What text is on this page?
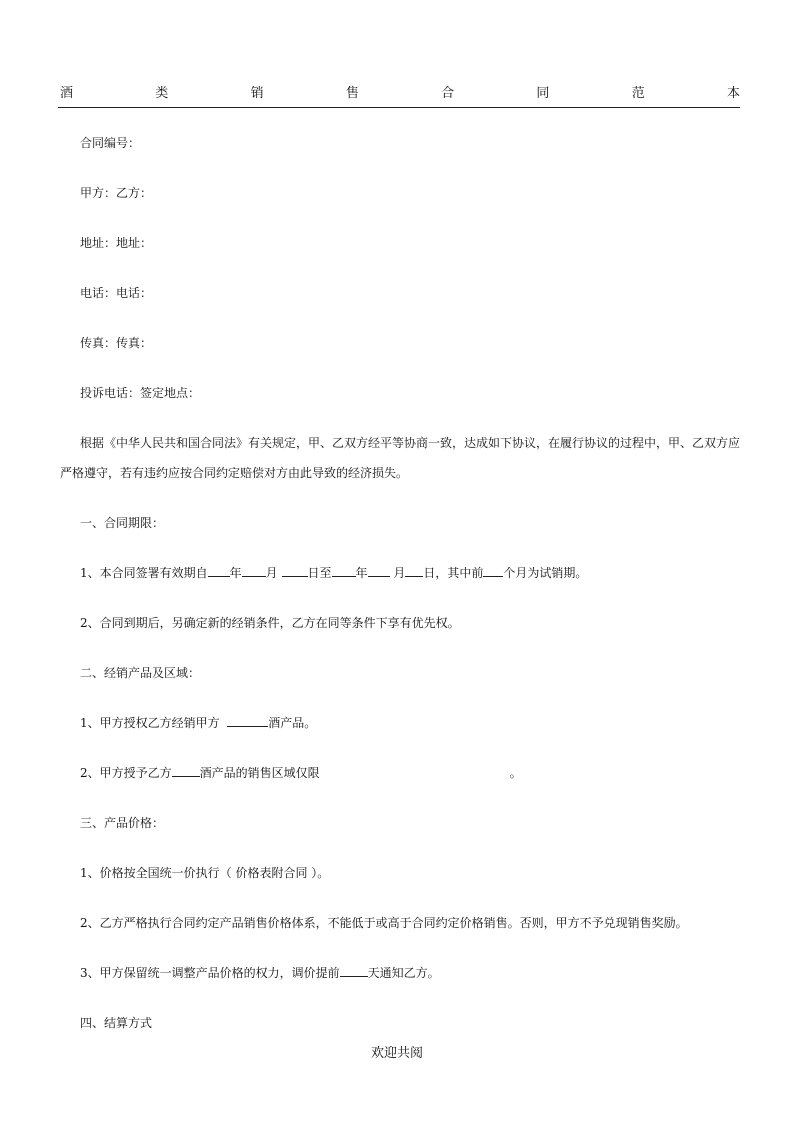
酒	类	销	售	合	同	范	本
合同编号：
甲方：乙方：
地址：地址：
电话：电话：
传真：传真：
投诉电话：签定地点：
根据《中华人民共和国合同法》有关规定，甲、乙双方经平等协商一致，达成如下协议，在履行协议的过程中，甲、乙双方应
严格遵守，若有违约应按合同约定赔偿对方由此导致的经济损失。
一、合同期限：
1、本合同签署有效期自 年 月 日至 年 月 日，其中前 个月为试销期。
2、合同到期后，另确定新的经销条件，乙方在同等条件下享有优先权。
二、经销产品及区域：
1、甲方授权乙方经销甲方	酒产品。
2、甲方授予乙方 酒产品的销售区域仅限	。
三、产品价格：
1、价格按全国统一价执行（ 价格表附合同 ）。
2、乙方严格执行合同约定产品销售价格体系，不能低于或高于合同约定价格销售。否则，甲方不予兑现销售奖励。
3、甲方保留统一调整产品价格的权力，调价提前 天通知乙方。
四、结算方式
欢迎共阅
